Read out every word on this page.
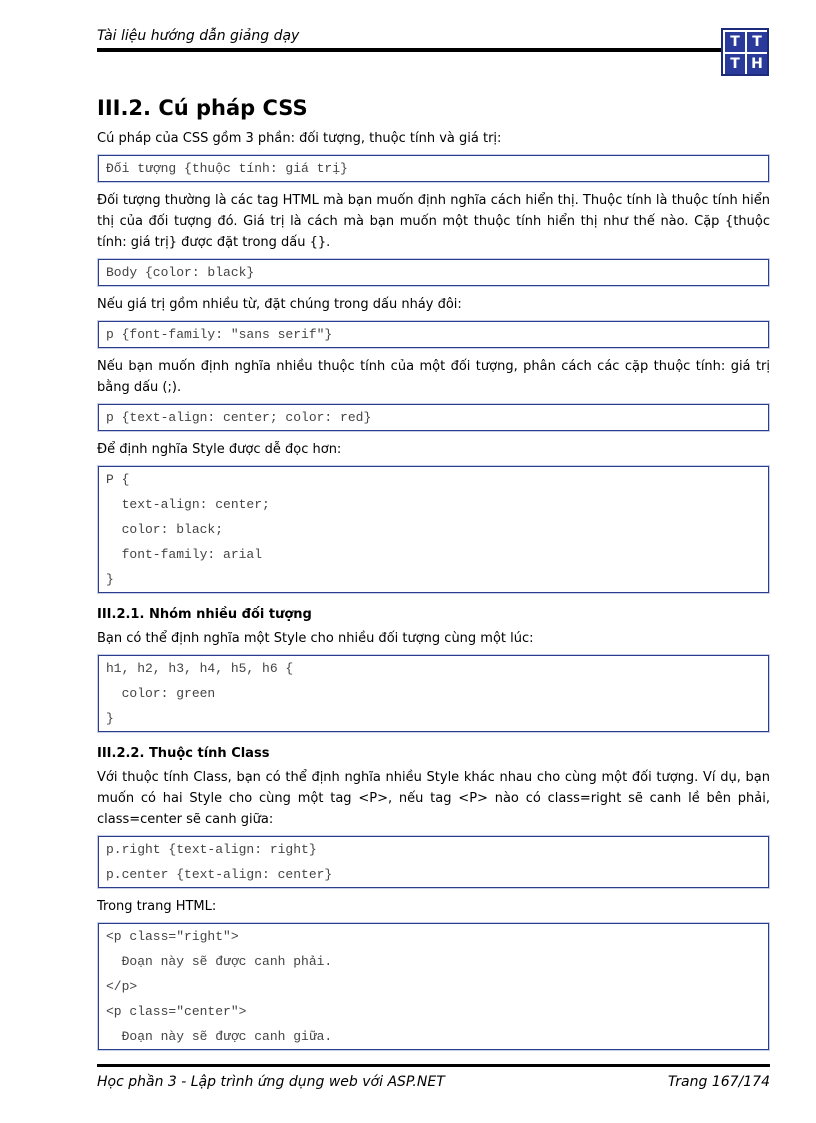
Tài liệu hướng dẫn giảng dạy	T T
T H
III.2. Cú pháp CSS

Cú pháp của CSS gồm 3 phần: đối tượng, thuộc tính và giá trị:

Đối tượng {thuộc tính: giá trị}

Đối tượng thường là các tag HTML mà bạn muốn định nghĩa cách hiển thị. Thuộc tính là thuộc tính hiển thị của đối tượng đó. Giá trị là cách mà bạn muốn một thuộc tính hiển thị như thế nào. Cặp {thuộc tính: giá trị} được đặt trong dấu {}.

Body {color: black}

Nếu giá trị gồm nhiều từ, đặt chúng trong dấu nháy đôi:

p {font-family: "sans serif"}

Nếu bạn muốn định nghĩa nhiều thuộc tính của một đối tượng, phân cách các cặp thuộc tính: giá trị bằng dấu (;).

p {text-align: center; color: red}

Để định nghĩa Style được dễ đọc hơn:

P {
text-align: center;
color: black;
font-family: arial
}
III.2.1. Nhóm nhiều đối tượng

Bạn có thể định nghĩa một Style cho nhiều đối tượng cùng một lúc:

h1, h2, h3, h4, h5, h6 {
color: green
}
III.2.2. Thuộc tính Class

Với thuộc tính Class, bạn có thể định nghĩa nhiều Style khác nhau cho cùng một đối tượng. Ví dụ, bạn muốn có hai Style cho cùng một tag <P>, nếu tag <P> nào có class=right sẽ canh lề bên phải, class=center sẽ canh giữa:

p.right {text-align: right}
p.center {text-align: center}

Trong trang HTML:

<p class="right">
Đoạn này sẽ được canh phải.
</p>
<p class="center">
Đoạn này sẽ được canh giữa.
Học phần 3 - Lập trình ứng dụng web với ASP.NET	Trang 167/174
